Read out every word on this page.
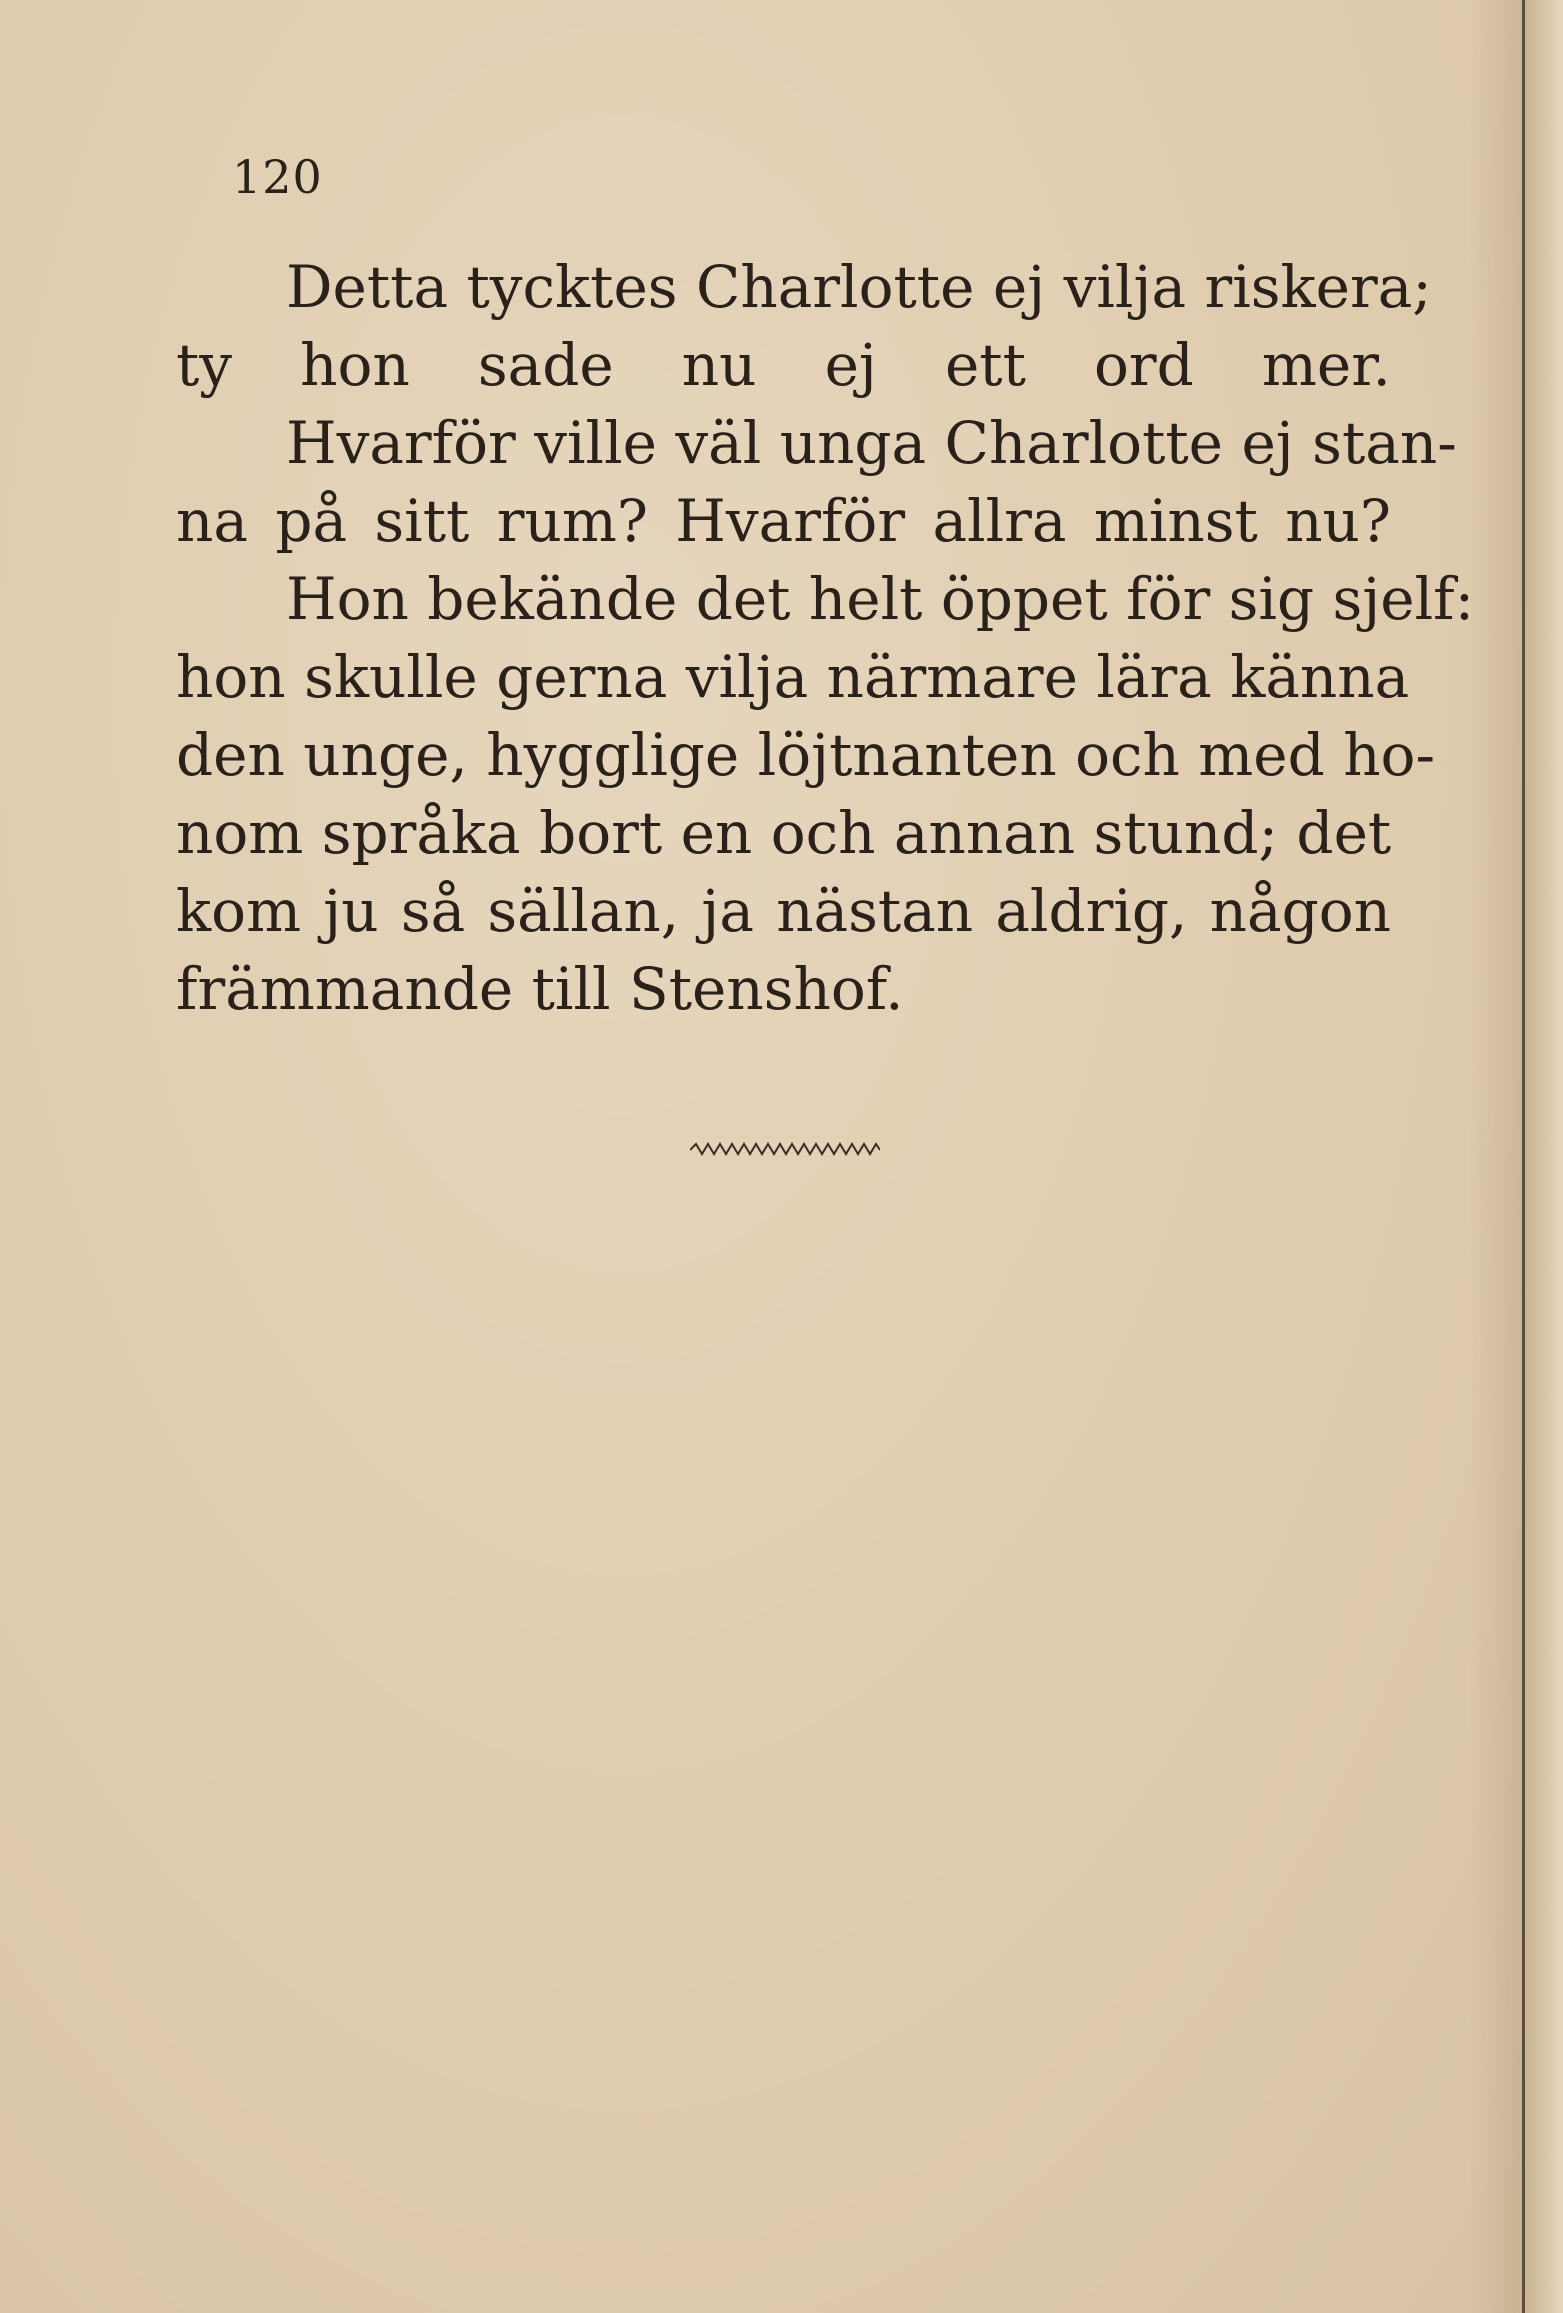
120
Detta tycktes Charlotte ej vilja riskera;
ty hon sade nu ej ett ord mer.
Hvarför ville väl unga Charlotte ej stan-
na på sitt rum? Hvarför allra minst nu?
Hon bekände det helt öppet för sig sjelf:
hon skulle gerna vilja närmare lära känna
den unge, hygglige löjtnanten och med ho-
nom språka bort en och annan stund; det
kom ju så sällan, ja nästan aldrig, någon
främmande till Stenshof.
